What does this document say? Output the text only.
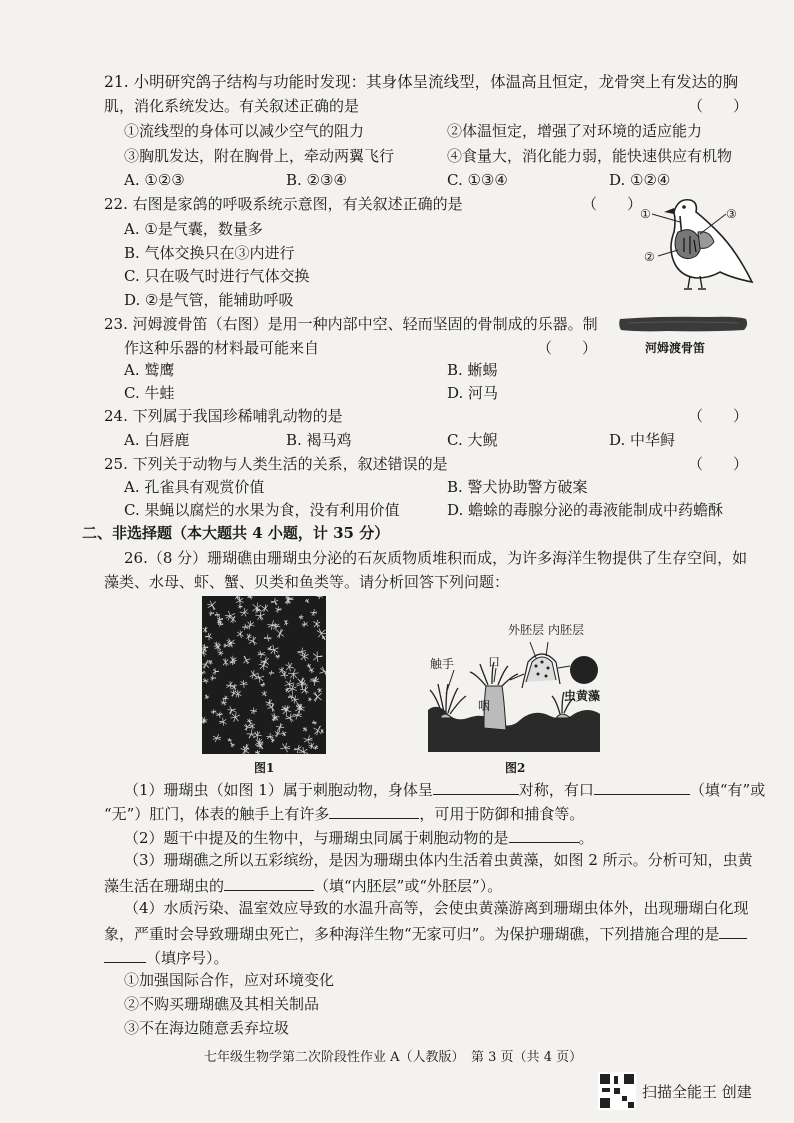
21. 小明研究鸽子结构与功能时发现：其身体呈流线型，体温高且恒定，龙骨突上有发达的胸
肌，消化系统发达。有关叙述正确的是	（　　）
①流线型的身体可以减少空气的阻力	②体温恒定，增强了对环境的适应能力
③胸肌发达，附在胸骨上，牵动两翼飞行	④食量大，消化能力弱，能快速供应有机物
A. ①②③	B. ②③④	C. ①③④	D. ①②④
22. 右图是家鸽的呼吸系统示意图，有关叙述正确的是	（　　）
A. ①是气囊，数量多
B. 气体交换只在③内进行
C. 只在吸气时进行气体交换
D. ②是气管，能辅助呼吸
①
②
③
23. 河姆渡骨笛（右图）是用一种内部中空、轻而坚固的骨制成的乐器。制
作这种乐器的材料最可能来自	（　　）	河姆渡骨笛
A. 鹫鹰	B. 蜥蜴
C. 牛蛙	D. 河马
24. 下列属于我国珍稀哺乳动物的是	（　　）
A. 白唇鹿	B. 褐马鸡	C. 大鲵	D. 中华鲟
25. 下列关于动物与人类生活的关系，叙述错误的是	（　　）
A. 孔雀具有观赏价值	B. 警犬协助警方破案
C. 果蝇以腐烂的水果为食，没有利用价值	D. 蟾蜍的毒腺分泌的毒液能制成中药蟾酥
二、非选择题（本大题共 4 小题，计 35 分）
26.（8 分）珊瑚礁由珊瑚虫分泌的石灰质物质堆积而成，为许多海洋生物提供了生存空间，如
藻类、水母、虾、蟹、贝类和鱼类等。请分析回答下列问题：
图1
外胚层 内胚层
触手	口
咽
虫黄藻
图2
（1）珊瑚虫（如图 1）属于刺胞动物，身体呈	对称，有口	（填“有”或
“无”）肛门，体表的触手上有许多	，可用于防御和捕食等。
（2）题干中提及的生物中，与珊瑚虫同属于刺胞动物的是	。
（3）珊瑚礁之所以五彩缤纷，是因为珊瑚虫体内生活着虫黄藻，如图 2 所示。分析可知，虫黄
藻生活在珊瑚虫的	（填“内胚层”或“外胚层”）。
（4）水质污染、温室效应导致的水温升高等，会使虫黄藻游离到珊瑚虫体外，出现珊瑚白化现
象，严重时会导致珊瑚虫死亡，多种海洋生物“无家可归”。为保护珊瑚礁，下列措施合理的是
（填序号）。
①加强国际合作，应对环境变化
②不购买珊瑚礁及其相关制品
③不在海边随意丢弃垃圾
七年级生物学第二次阶段性作业 A（人教版）　第 3 页（共 4 页）
扫描全能王 创建
